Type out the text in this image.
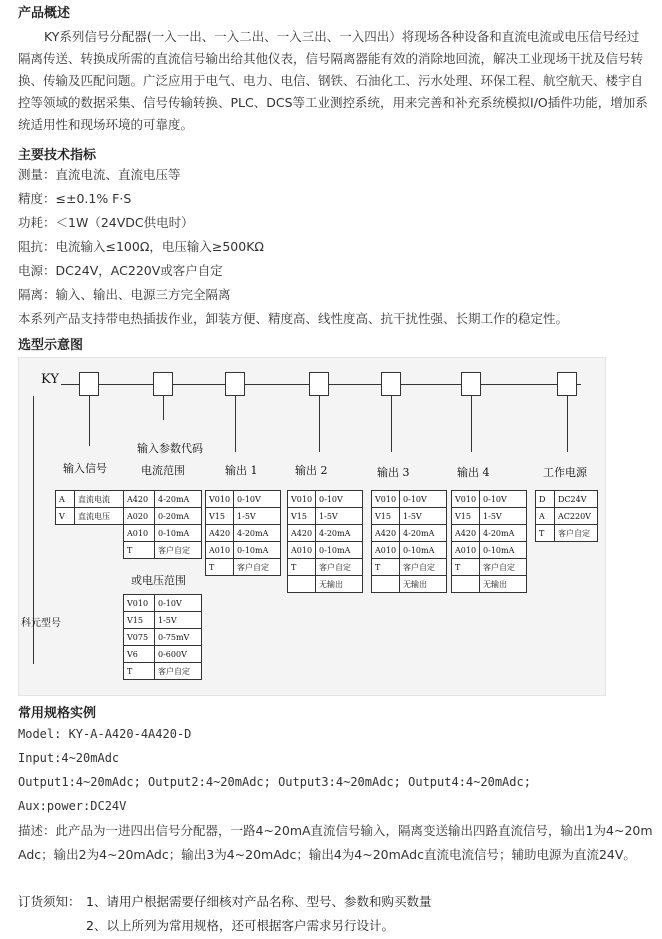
产品概述
KY系列信号分配器(一入一出、一入二出、一入三出、一入四出）将现场各种设备和直流电流或电压信号经过隔离传送、转换成所需的直流信号输出给其他仪表，信号隔离器能有效的消除地回流，解决工业现场干扰及信号转换、传输及匹配问题。广泛应用于电气、电力、电信、钢铁、石油化工、污水处理、环保工程、航空航天、楼宇自控等领域的数据采集、信号传输转换、PLC、DCS等工业测控系统，用来完善和补充系统模拟I/O插件功能，增加系统适用性和现场环境的可靠度。
主要技术指标
测量：直流电流、直流电压等
精度：≤±0.1% F·S
功耗：＜1W（24VDC供电时）
阻抗：电流输入≤100Ω，电压输入≥500KΩ
电源：DC24V，AC220V或客户自定
隔离：输入、输出、电源三方完全隔离
本系列产品支持带电热插拔作业，卸装方便、精度高、线性度高、抗干扰性强、长期工作的稳定性。
选型示意图
KY
输入参数代码
输入信号	电流范围	输出 1	输出 2	输出 3	输出 4	工作电源
或电压范围
科元型号
A	直流电流
V	直流电压
A420	4-20mA
A020	0-20mA
A010	0-10mA
T	客户自定
V010	0-10V
V15	1-5V
V075	0-75mV
V6	0-600V
T	客户自定
V010	0-10V
V15	1-5V
A420	4-20mA
A010	0-10mA
T	客户自定
V010	0-10V
V15	1-5V
A420	4-20mA
A010	0-10mA
T	客户自定
	无输出
V010	0-10V
V15	1-5V
A420	4-20mA
A010	0-10mA
T	客户自定
	无输出
V010	0-10V
V15	1-5V
A420	4-20mA
A010	0-10mA
T	客户自定
	无输出
D	DC24V
A	AC220V
T	客户自定
常用规格实例
Model: KY-A-A420-4A420-D
Input:4~20mAdc
Output1:4~20mAdc; Output2:4~20mAdc; Output3:4~20mAdc; Output4:4~20mAdc;
Aux:power:DC24V
描述：此产品为一进四出信号分配器，一路4~20mA直流信号输入，隔离变送输出四路直流信号，输出1为4~20m
Adc；输出2为4~20mAdc；输出3为4~20mAdc；输出4为4~20mAdc直流电流信号；辅助电源为直流24V。
订货须知： 1、请用户根据需要仔细核对产品名称、型号、参数和购买数量
2、以上所列为常用规格，还可根据客户需求另行设计。
